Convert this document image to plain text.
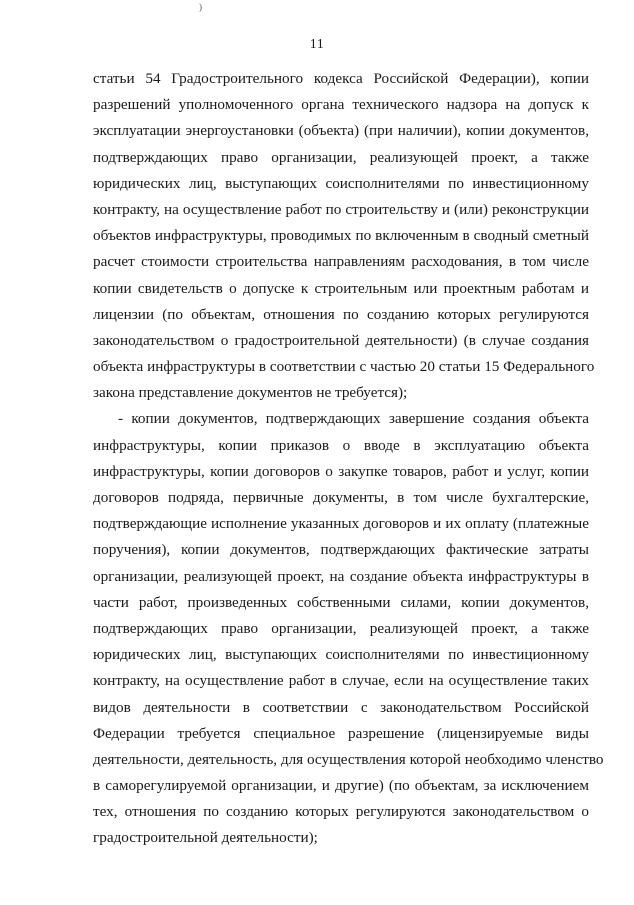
)
11
статьи 54 Градостроительного кодекса Российской Федерации), копии
разрешений уполномоченного органа технического надзора на допуск к
эксплуатации энергоустановки (объекта) (при наличии), копии документов,
подтверждающих право организации, реализующей проект, а также
юридических лиц, выступающих соисполнителями по инвестиционному
контракту, на осуществление работ по строительству и (или) реконструкции
объектов инфраструктуры, проводимых по включенным в сводный сметный
расчет стоимости строительства направлениям расходования, в том числе
копии свидетельств о допуске к строительным или проектным работам и
лицензии (по объектам, отношения по созданию которых регулируются
законодательством о градостроительной деятельности) (в случае создания
объекта инфраструктуры в соответствии с частью 20 статьи 15 Федерального
закона представление документов не требуется);
- копии документов, подтверждающих завершение создания объекта
инфраструктуры, копии приказов о вводе в эксплуатацию объекта
инфраструктуры, копии договоров о закупке товаров, работ и услуг, копии
договоров подряда, первичные документы, в том числе бухгалтерские,
подтверждающие исполнение указанных договоров и их оплату (платежные
поручения), копии документов, подтверждающих фактические затраты
организации, реализующей проект, на создание объекта инфраструктуры в
части работ, произведенных собственными силами, копии документов,
подтверждающих право организации, реализующей проект, а также
юридических лиц, выступающих соисполнителями по инвестиционному
контракту, на осуществление работ в случае, если на осуществление таких
видов деятельности в соответствии с законодательством Российской
Федерации требуется специальное разрешение (лицензируемые виды
деятельности, деятельность, для осуществления которой необходимо членство
в саморегулируемой организации, и другие) (по объектам, за исключением
тех, отношения по созданию которых регулируются законодательством о
градостроительной деятельности);
